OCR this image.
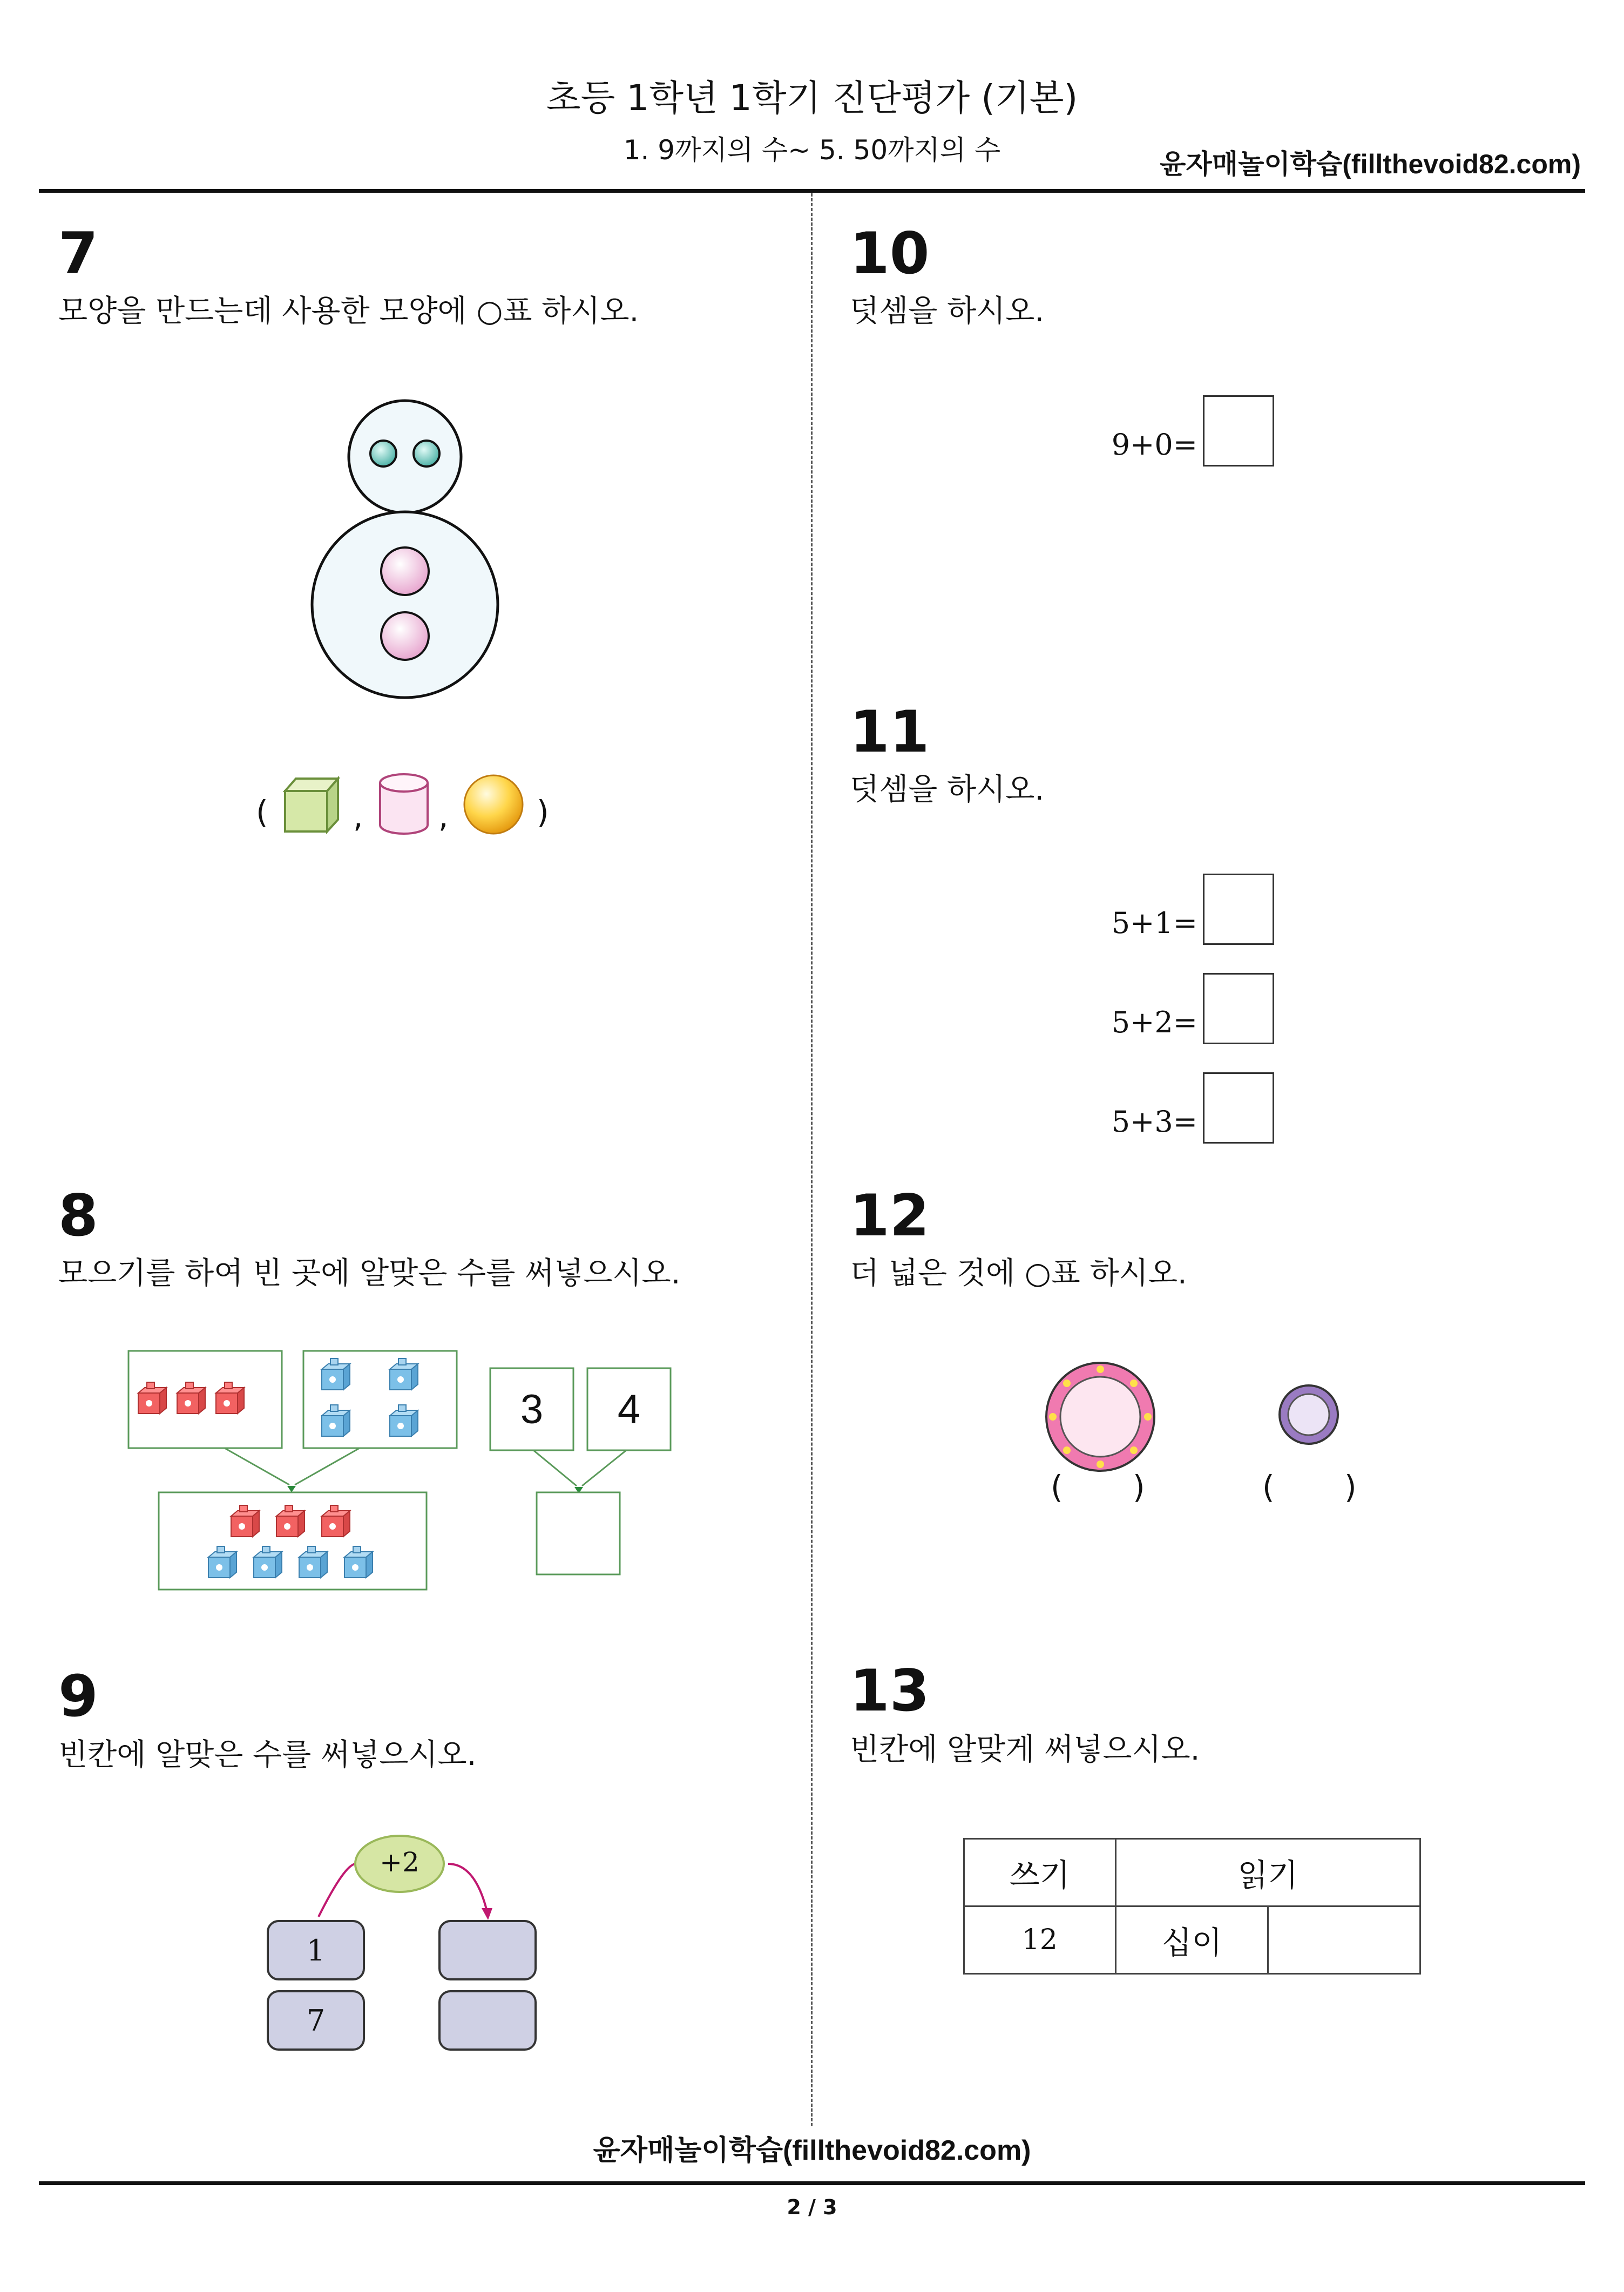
초등 1학년 1학기 진단평가 (기본)
1. 9까지의 수~ 5. 50까지의 수	윤자매놀이학습(fillthevoid82.com)
7
모양을 만드는데 사용한 모양에 ○표 하시오.
(	, ,	)
8
모으기를 하여 빈 곳에 알맞은 수를 써넣으시오.
3	4
9
빈칸에 알맞은 수를 써넣으시오.
+2
1
7
10
덧셈을 하시오.
9+0=
11
덧셈을 하시오.
5+1=
5+2=
5+3=
12
더 넓은 것에 ○표 하시오.
( )	( )
13
빈칸에 알맞게 써넣으시오.
쓰기	읽기	
12	십이	
윤자매놀이학습(fillthevoid82.com)
2 / 3
